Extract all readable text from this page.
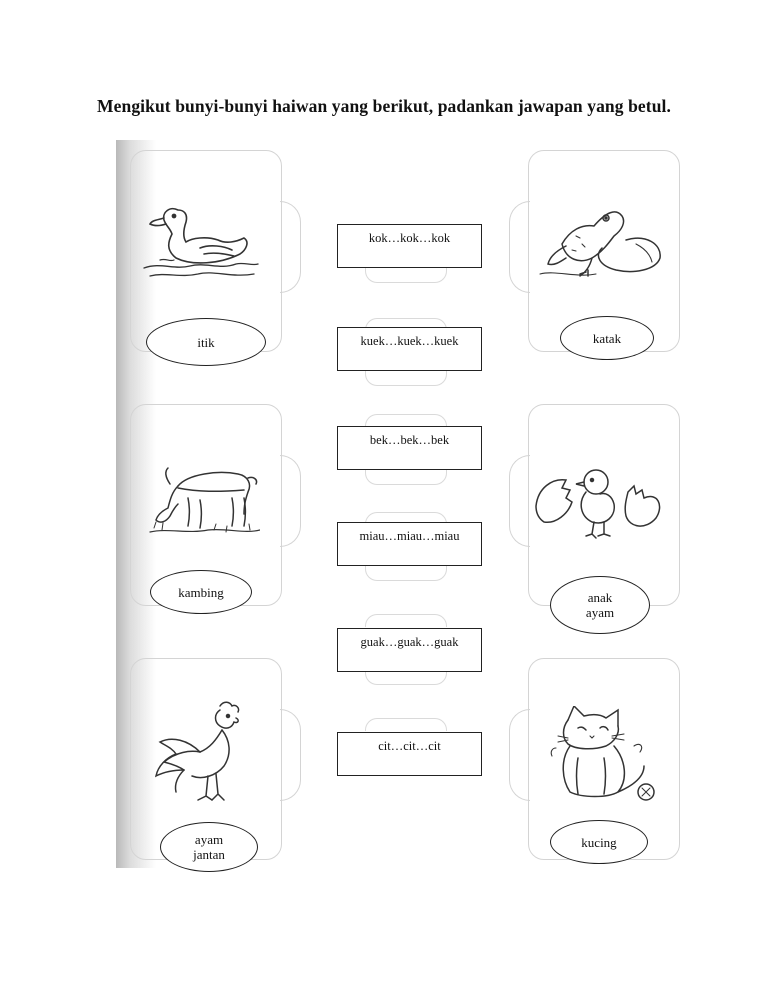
Mengikut bunyi-bunyi haiwan yang berikut, padankan jawapan yang betul.
itik
kambing
ayam
jantan
katak
anak
ayam
kucing
kok…kok…kok
kuek…kuek…kuek
bek…bek…bek
miau…miau…miau
guak…guak…guak
cit…cit…cit
